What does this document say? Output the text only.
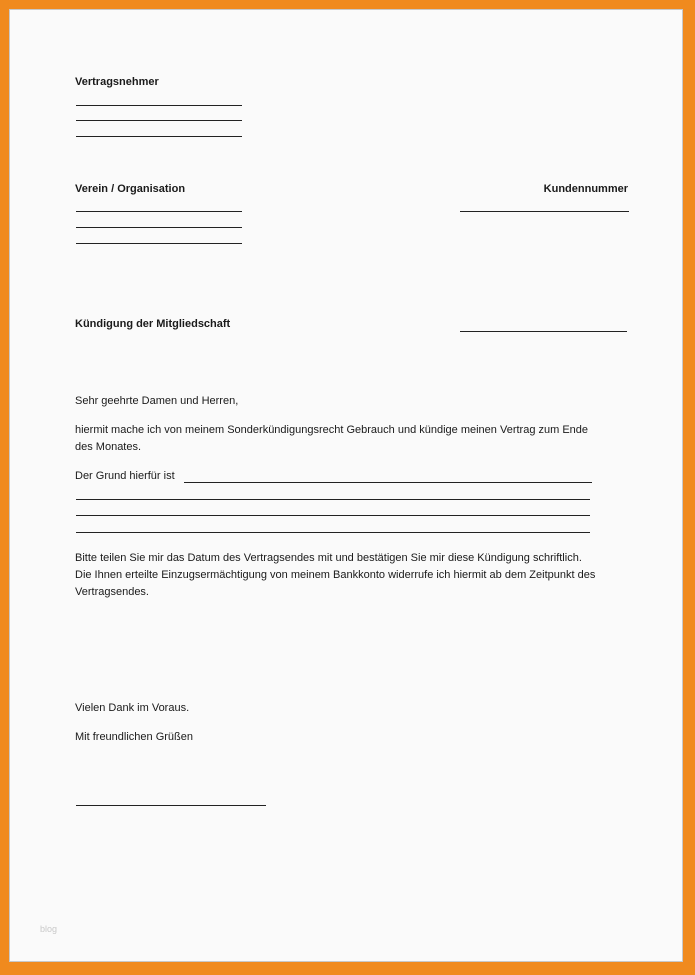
Vertragsnehmer
Verein / Organisation	Kundennummer
Kündigung der Mitgliedschaft
Sehr geehrte Damen und Herren,
hiermit mache ich von meinem Sonderkündigungsrecht Gebrauch und kündige meinen Vertrag zum Ende
des Monates.
Der Grund hierfür ist
Bitte teilen Sie mir das Datum des Vertragsendes mit und bestätigen Sie mir diese Kündigung schriftlich.
Die Ihnen erteilte Einzugsermächtigung von meinem Bankkonto widerrufe ich hiermit ab dem Zeitpunkt des
Vertragsendes.
Vielen Dank im Voraus.
Mit freundlichen Grüßen
blog
